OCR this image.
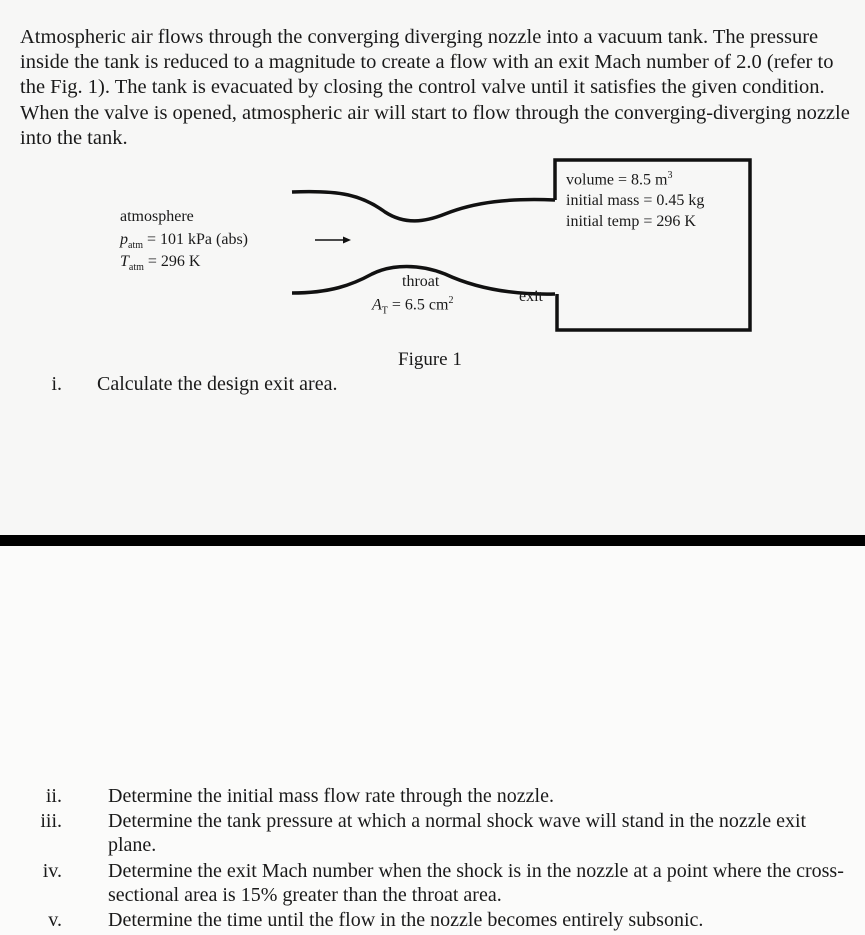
Atmospheric air flows through the converging diverging nozzle into a vacuum tank. The pressure inside the tank is reduced to a magnitude to create a flow with an exit Mach number of 2.0 (refer to the Fig. 1). The tank is evacuated by closing the control valve until it satisfies the given condition. When the valve is opened, atmospheric air will start to flow through the converging-diverging nozzle into the tank.

atmosphere
$p_{atm} = 101$ kPa (abs)
$T_{atm} = 296$ K
throat
$A_T = 6.5$ $cm^2$	exit
volume = 8.5 $m^3$
initial mass = 0.45 kg
initial temp = 296 K
Figure 1
i. Calculate the design exit area.
ii. Determine the initial mass flow rate through the nozzle.
iii. Determine the tank pressure at which a normal shock wave will stand in the nozzle exit plane.
iv. Determine the exit Mach number when the shock is in the nozzle at a point where the cross-sectional area is 15% greater than the throat area.
v. Determine the time until the flow in the nozzle becomes entirely subsonic.
